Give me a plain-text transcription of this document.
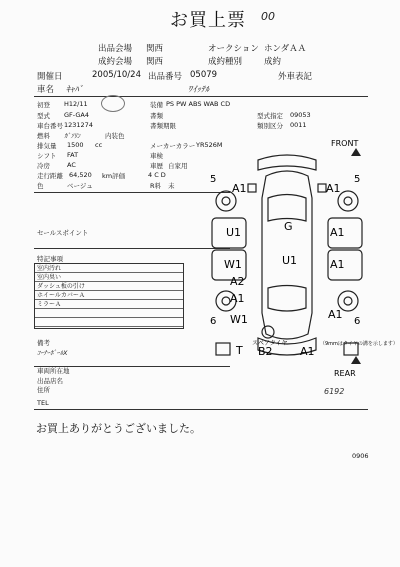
お買上票 00
出品会場 関西	オークション ホンダＡＡ
成約会場 関西	成約種別	成約
開催日	2005/10/24 出品番号 05079	外車表記
車名 ｷｬﾊﾞ	ﾜｲｯﾃﾙ
初登 H12/11	装備 PS PW ABS WAB CD
型式 GF-GA4	書類	型式指定 09053
車台番号 1231274	書類期限	類別区分 0011
燃料 ｶﾞｿﾘﾝ	内装色
排気量 1500 cc	メーカーカラー YR526M
シフト FAT	車検
冷房	AC	車歴 自家用
走行距離 64,520 km評価	4 C D
色	ベージュ	R料 未
セールスポイント
特記事項
室内汚れ
室内臭い
ダッシュ板の引け
ホイールカバーＡ
ミラーＡ
備考
ｺｰﾅｰﾎﾟｰﾙX
車両所在地
出品店名
住所
TEL
FRONT
5	5
A1	A1
U1	G	A1
W1	U1	A1
A2
A1
6 W1	A1
6
スペアタイヤ
T B2 A1
（9mmはタイヤの溝を示します）
REAR
6192
お買上ありがとうございました。
0906
